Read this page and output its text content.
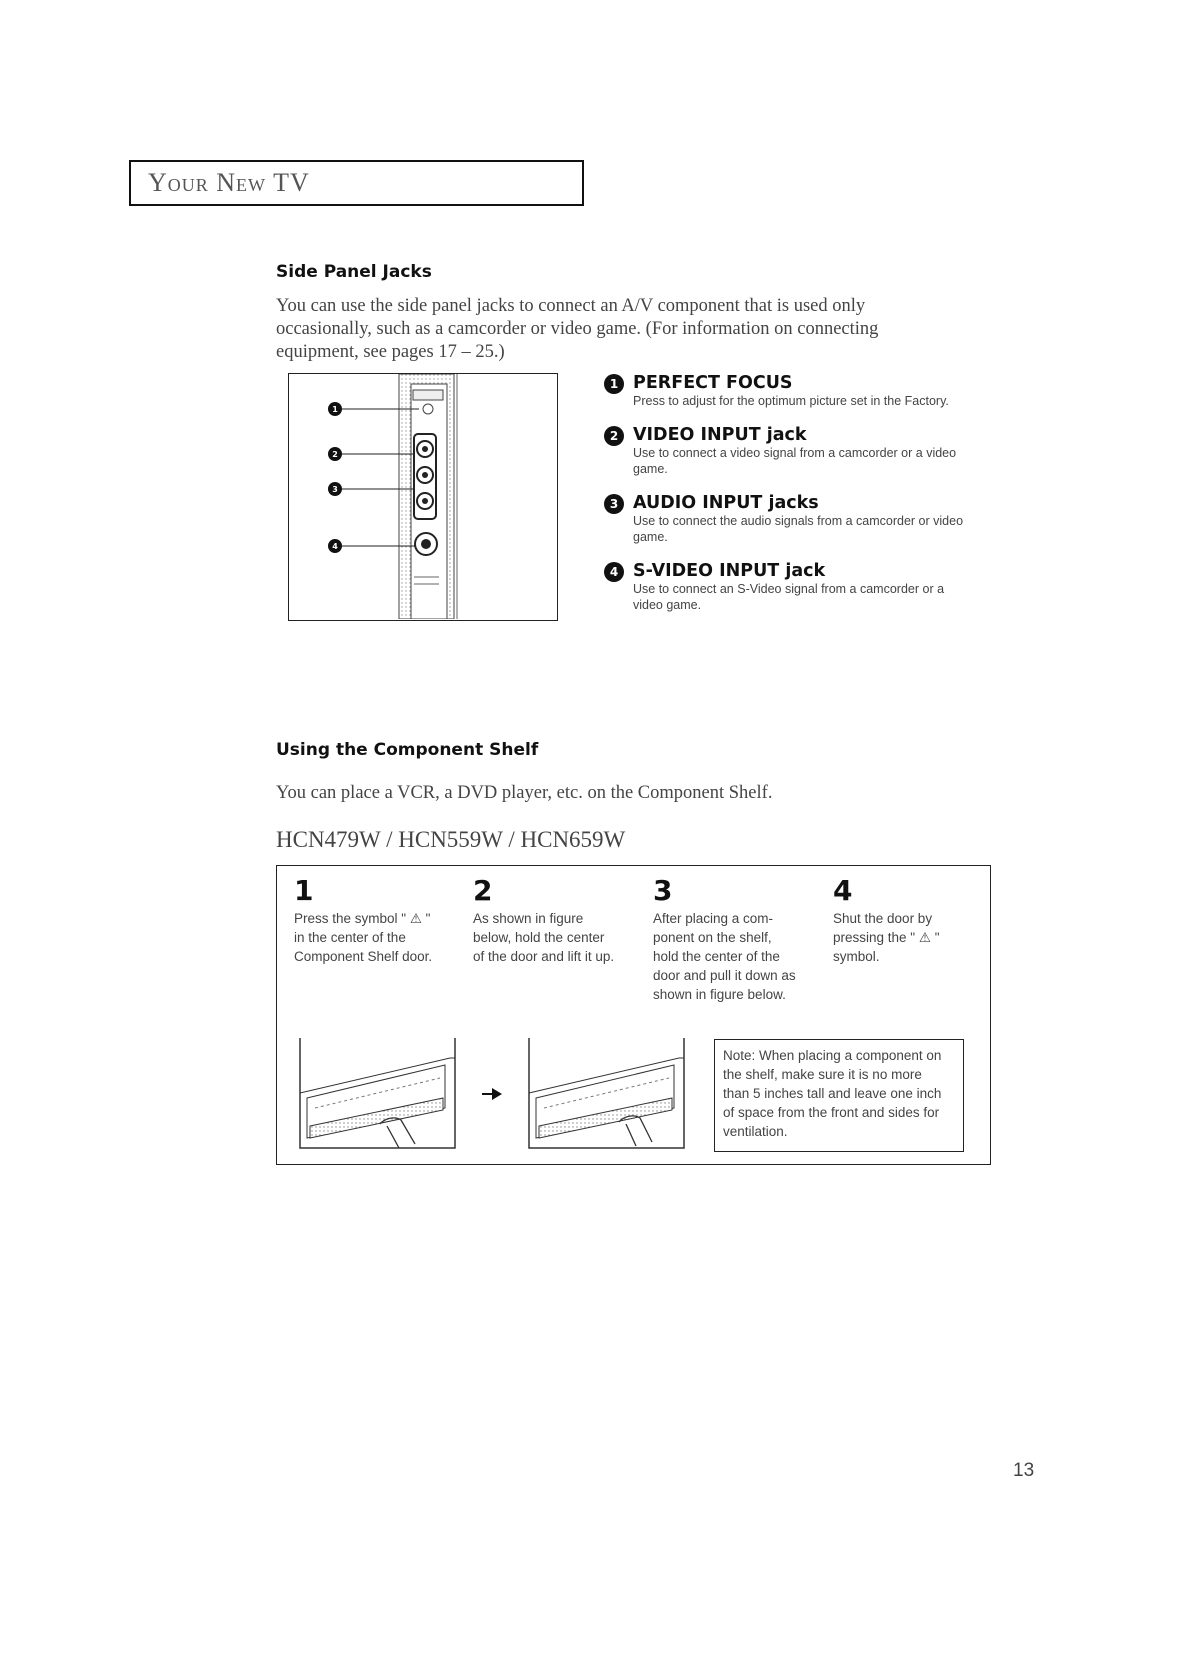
Your New TV
Side Panel Jacks
You can use the side panel jacks to connect an A/V component that is used only
occasionally, such as a camcorder or video game. (For information on connecting
equipment, see pages 17 – 25.)
1
2
3
4
1 PERFECT FOCUS
Press to adjust for the optimum picture set in the Factory.
2 VIDEO INPUT jack
Use to connect a video signal from a camcorder or a video
game.
3 AUDIO INPUT jacks
Use to connect the audio signals from a camcorder or video
game.
4 S-VIDEO INPUT jack
Use to connect an S-Video signal from a camcorder or a
video game.
Using the Component Shelf
You can place a VCR, a DVD player, etc. on the Component Shelf.
HCN479W / HCN559W / HCN659W
1
Press the symbol " ⚠ "
in the center of the
Component Shelf door.
2
As shown in figure
below, hold the center
of the door and lift it up.
3
After placing a com-
ponent on the shelf,
hold the center of the
door and pull it down as
shown in figure below.
4
Shut the door by
pressing the " ⚠ "
symbol.
Note: When placing a component on
the shelf, make sure it is no more
than 5 inches tall and leave one inch
of space from the front and sides for
ventilation.
13
